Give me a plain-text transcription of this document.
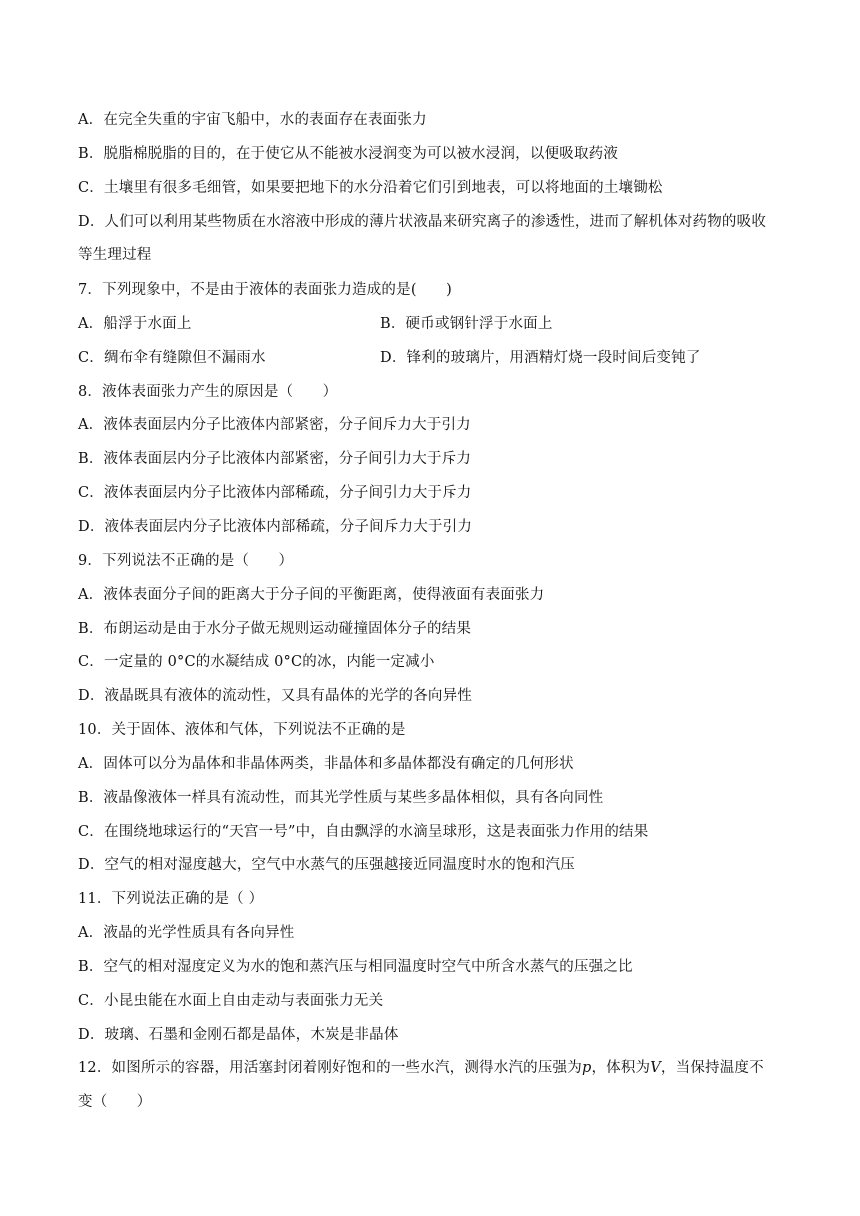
A．在完全失重的宇宙飞船中，水的表面存在表面张力
B．脱脂棉脱脂的目的，在于使它从不能被水浸润变为可以被水浸润，以便吸取药液
C．土壤里有很多毛细管，如果要把地下的水分沿着它们引到地表，可以将地面的土壤锄松
D．人们可以利用某些物质在水溶液中形成的薄片状液晶来研究离子的渗透性，进而了解机体对药物的吸收
等生理过程
7．下列现象中，不是由于液体的表面张力造成的是(　　)
A．船浮于水面上	B．硬币或钢针浮于水面上
C．绸布伞有缝隙但不漏雨水	D．锋利的玻璃片，用酒精灯烧一段时间后变钝了
8．液体表面张力产生的原因是（　　）
A．液体表面层内分子比液体内部紧密，分子间斥力大于引力
B．液体表面层内分子比液体内部紧密，分子间引力大于斥力
C．液体表面层内分子比液体内部稀疏，分子间引力大于斥力
D．液体表面层内分子比液体内部稀疏，分子间斥力大于引力
9．下列说法不正确的是（　　）
A．液体表面分子间的距离大于分子间的平衡距离，使得液面有表面张力
B．布朗运动是由于水分子做无规则运动碰撞固体分子的结果
C．一定量的 0°C的水凝结成 0°C的冰，内能一定减小
D．液晶既具有液体的流动性，又具有晶体的光学的各向异性
10．关于固体、液体和气体，下列说法不正确的是
A．固体可以分为晶体和非晶体两类，非晶体和多晶体都没有确定的几何形状
B．液晶像液体一样具有流动性，而其光学性质与某些多晶体相似，具有各向同性
C．在围绕地球运行的“天宫一号”中，自由飘浮的水滴呈球形，这是表面张力作用的结果
D．空气的相对湿度越大，空气中水蒸气的压强越接近同温度时水的饱和汽压
11．下列说法正确的是（ ）
A．液晶的光学性质具有各向异性
B．空气的相对湿度定义为水的饱和蒸汽压与相同温度时空气中所含水蒸气的压强之比
C．小昆虫能在水面上自由走动与表面张力无关
D．玻璃、石墨和金刚石都是晶体，木炭是非晶体
12．如图所示的容器，用活塞封闭着刚好饱和的一些水汽，测得水汽的压强为p，体积为V，当保持温度不
变（　　）
